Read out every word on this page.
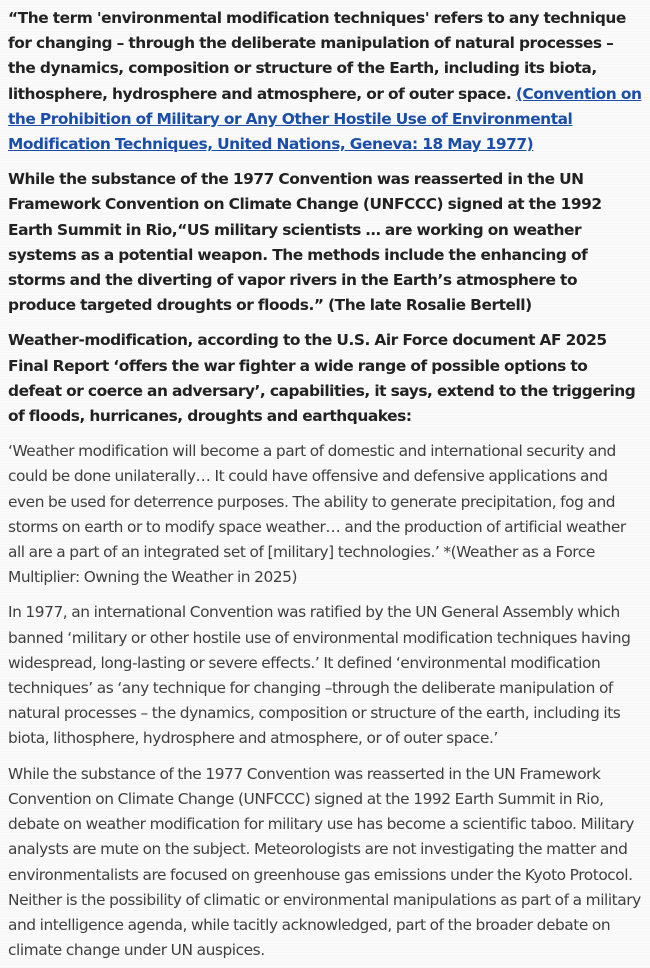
“The term 'environmental modification techniques' refers to any technique for changing – through the deliberate manipulation of natural processes – the dynamics, composition or structure of the Earth, including its biota, lithosphere, hydrosphere and atmosphere, or of outer space. (Convention on the Prohibition of Military or Any Other Hostile Use of Environmental Modification Techniques, United Nations, Geneva: 18 May 1977)

While the substance of the 1977 Convention was reasserted in the UN Framework Convention on Climate Change (UNFCCC) signed at the 1992 Earth Summit in Rio,“US military scientists … are working on weather systems as a potential weapon. The methods include the enhancing of storms and the diverting of vapor rivers in the Earth’s atmosphere to produce targeted droughts or floods.” (The late Rosalie Bertell)

Weather-modification, according to the U.S. Air Force document AF 2025 Final Report ‘offers the war fighter a wide range of possible options to defeat or coerce an adversary’, capabilities, it says, extend to the triggering of floods, hurricanes, droughts and earthquakes:

‘Weather modification will become a part of domestic and international security and could be done unilaterally… It could have offensive and defensive applications and even be used for deterrence purposes. The ability to generate precipitation, fog and storms on earth or to modify space weather… and the production of artificial weather all are a part of an integrated set of [military] technologies.’ *(Weather as a Force Multiplier: Owning the Weather in 2025)

In 1977, an international Convention was ratified by the UN General Assembly which banned ‘military or other hostile use of environmental modification techniques having widespread, long-lasting or severe effects.’ It defined ‘environmental modification techniques’ as ‘any technique for changing –through the deliberate manipulation of natural processes – the dynamics, composition or structure of the earth, including its biota, lithosphere, hydrosphere and atmosphere, or of outer space.’

While the substance of the 1977 Convention was reasserted in the UN Framework Convention on Climate Change (UNFCCC) signed at the 1992 Earth Summit in Rio, debate on weather modification for military use has become a scientific taboo. Military analysts are mute on the subject. Meteorologists are not investigating the matter and environmentalists are focused on greenhouse gas emissions under the Kyoto Protocol. Neither is the possibility of climatic or environmental manipulations as part of a military and intelligence agenda, while tacitly acknowledged, part of the broader debate on climate change under UN auspices.
